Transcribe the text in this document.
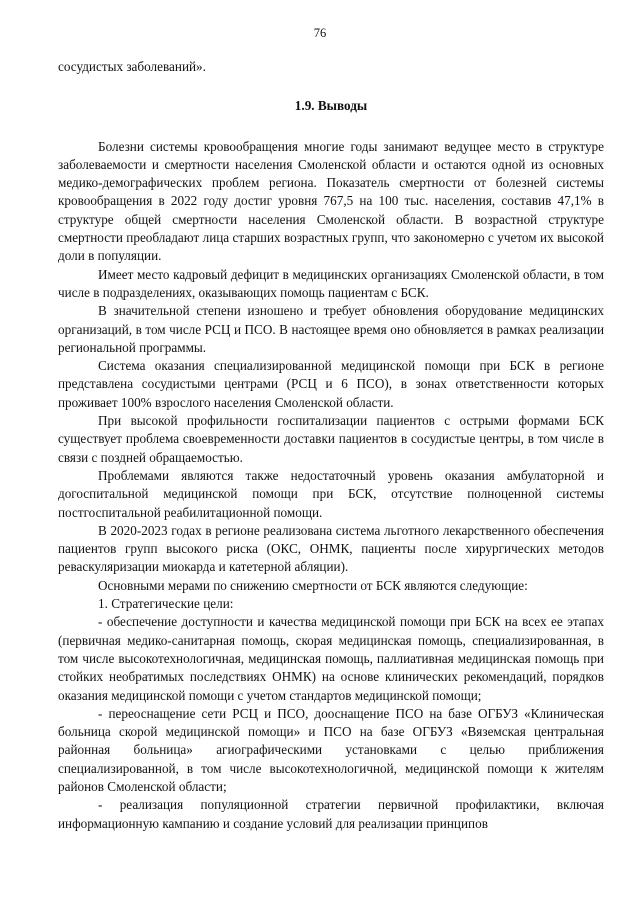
76

сосудистых заболеваний».

1.9. Выводы

Болезни системы кровообращения многие годы занимают ведущее место в структуре заболеваемости и смертности населения Смоленской области и остаются одной из основных медико-демографических проблем региона. Показатель смертности от болезней системы кровообращения в 2022 году достиг уровня 767,5 на 100 тыс. населения, составив 47,1% в структуре общей смертности населения Смоленской области. В возрастной структуре смертности преобладают лица старших возрастных групп, что закономерно с учетом их высокой доли в популяции.

Имеет место кадровый дефицит в медицинских организациях Смоленской области, в том числе в подразделениях, оказывающих помощь пациентам с БСК.

В значительной степени изношено и требует обновления оборудование медицинских организаций, в том числе РСЦ и ПСО. В настоящее время оно обновляется в рамках реализации региональной программы.

Система оказания специализированной медицинской помощи при БСК в регионе представлена сосудистыми центрами (РСЦ и 6 ПСО), в зонах ответственности которых проживает 100% взрослого населения Смоленской области.

При высокой профильности госпитализации пациентов с острыми формами БСК существует проблема своевременности доставки пациентов в сосудистые центры, в том числе в связи с поздней обращаемостью.

Проблемами являются также недостаточный уровень оказания амбулаторной и догоспитальной медицинской помощи при БСК, отсутствие полноценной системы постгоспитальной реабилитационной помощи.

В 2020-2023 годах в регионе реализована система льготного лекарственного обеспечения пациентов групп высокого риска (ОКС, ОНМК, пациенты после хирургических методов реваскуляризации миокарда и катетерной абляции).

Основными мерами по снижению смертности от БСК являются следующие:

1. Стратегические цели:

- обеспечение доступности и качества медицинской помощи при БСК на всех ее этапах (первичная медико-санитарная помощь, скорая медицинская помощь, специализированная, в том числе высокотехнологичная, медицинская помощь, паллиативная медицинская помощь при стойких необратимых последствиях ОНМК) на основе клинических рекомендаций, порядков оказания медицинской помощи с учетом стандартов медицинской помощи;

- переоснащение сети РСЦ и ПСО, дооснащение ПСО на базе ОГБУЗ «Клиническая больница скорой медицинской помощи» и ПСО на базе ОГБУЗ «Вяземская центральная районная больница» агиографическими установками с целью приближения специализированной, в том числе высокотехнологичной, медицинской помощи к жителям районов Смоленской области;

- реализация популяционной стратегии первичной профилактики, включая информационную кампанию и создание условий для реализации принципов
